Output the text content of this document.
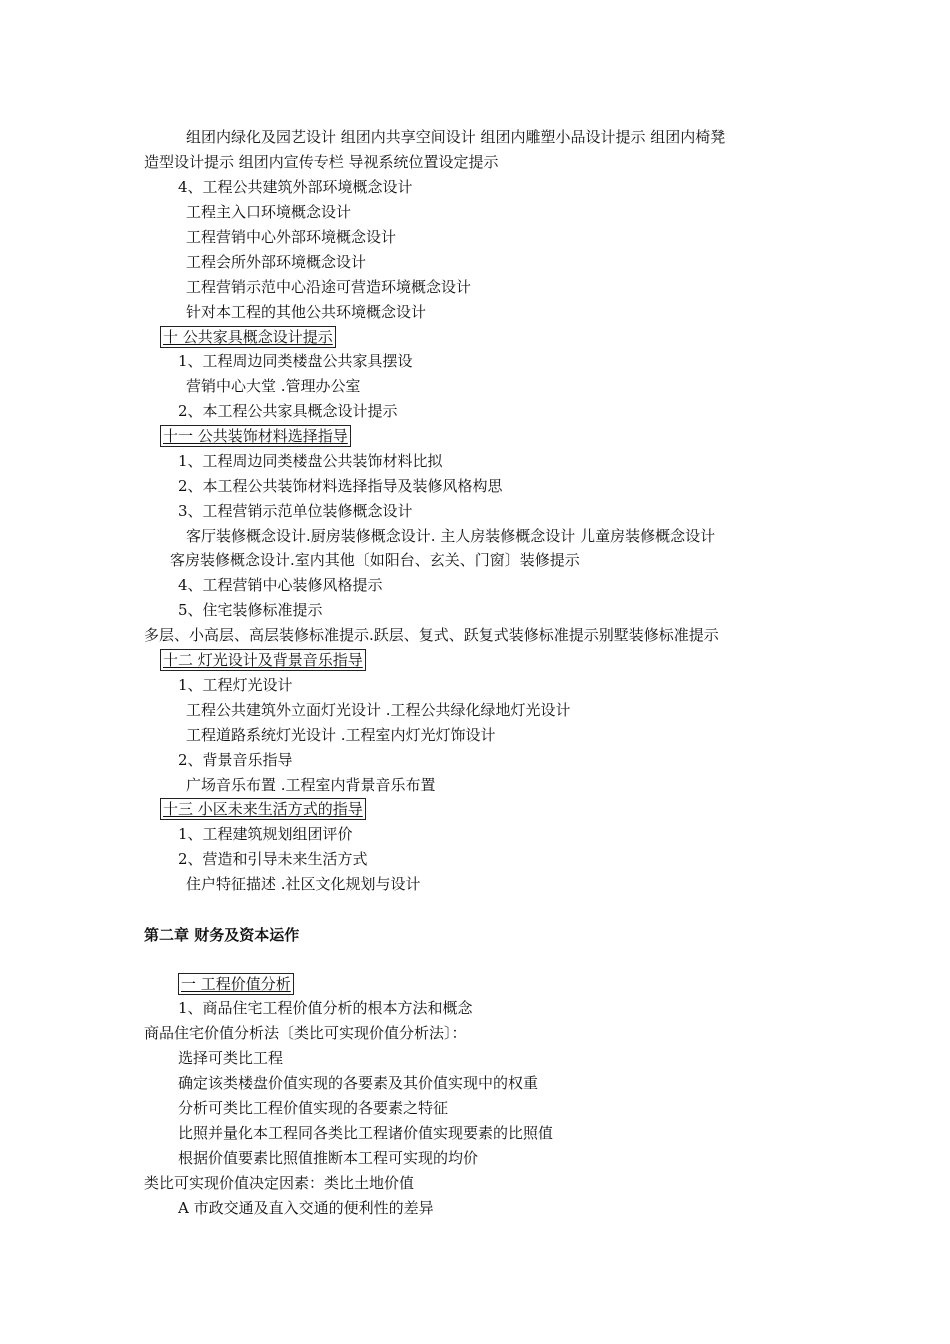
组团内绿化及园艺设计 组团内共享空间设计 组团内雕塑小品设计提示 组团内椅凳
造型设计提示 组团内宣传专栏 导视系统位置设定提示
4、工程公共建筑外部环境概念设计
工程主入口环境概念设计
工程营销中心外部环境概念设计
工程会所外部环境概念设计
工程营销示范中心沿途可营造环境概念设计
针对本工程的其他公共环境概念设计
十 公共家具概念设计提示
1、工程周边同类楼盘公共家具摆设
营销中心大堂 .管理办公室
2、本工程公共家具概念设计提示
十一 公共装饰材料选择指导
1、工程周边同类楼盘公共装饰材料比拟
2、本工程公共装饰材料选择指导及装修风格构思
3、工程营销示范单位装修概念设计
客厅装修概念设计.厨房装修概念设计. 主人房装修概念设计 儿童房装修概念设计
客房装修概念设计.室内其他〔如阳台、玄关、门窗〕装修提示
4、工程营销中心装修风格提示
5、住宅装修标准提示
多层、小高层、高层装修标准提示.跃层、复式、跃复式装修标准提示别墅装修标准提示
十二 灯光设计及背景音乐指导
1、工程灯光设计
工程公共建筑外立面灯光设计 .工程公共绿化绿地灯光设计
工程道路系统灯光设计 .工程室内灯光灯饰设计
2、背景音乐指导
广场音乐布置 .工程室内背景音乐布置
十三 小区未来生活方式的指导
1、工程建筑规划组团评价
2、营造和引导未来生活方式
住户特征描述 .社区文化规划与设计
第二章 财务及资本运作
一 工程价值分析
1、商品住宅工程价值分析的根本方法和概念
商品住宅价值分析法〔类比可实现价值分析法〕：
选择可类比工程
确定该类楼盘价值实现的各要素及其价值实现中的权重
分析可类比工程价值实现的各要素之特征
比照并量化本工程同各类比工程诸价值实现要素的比照值
根据价值要素比照值推断本工程可实现的均价
类比可实现价值决定因素：类比土地价值
A 市政交通及直入交通的便利性的差异
